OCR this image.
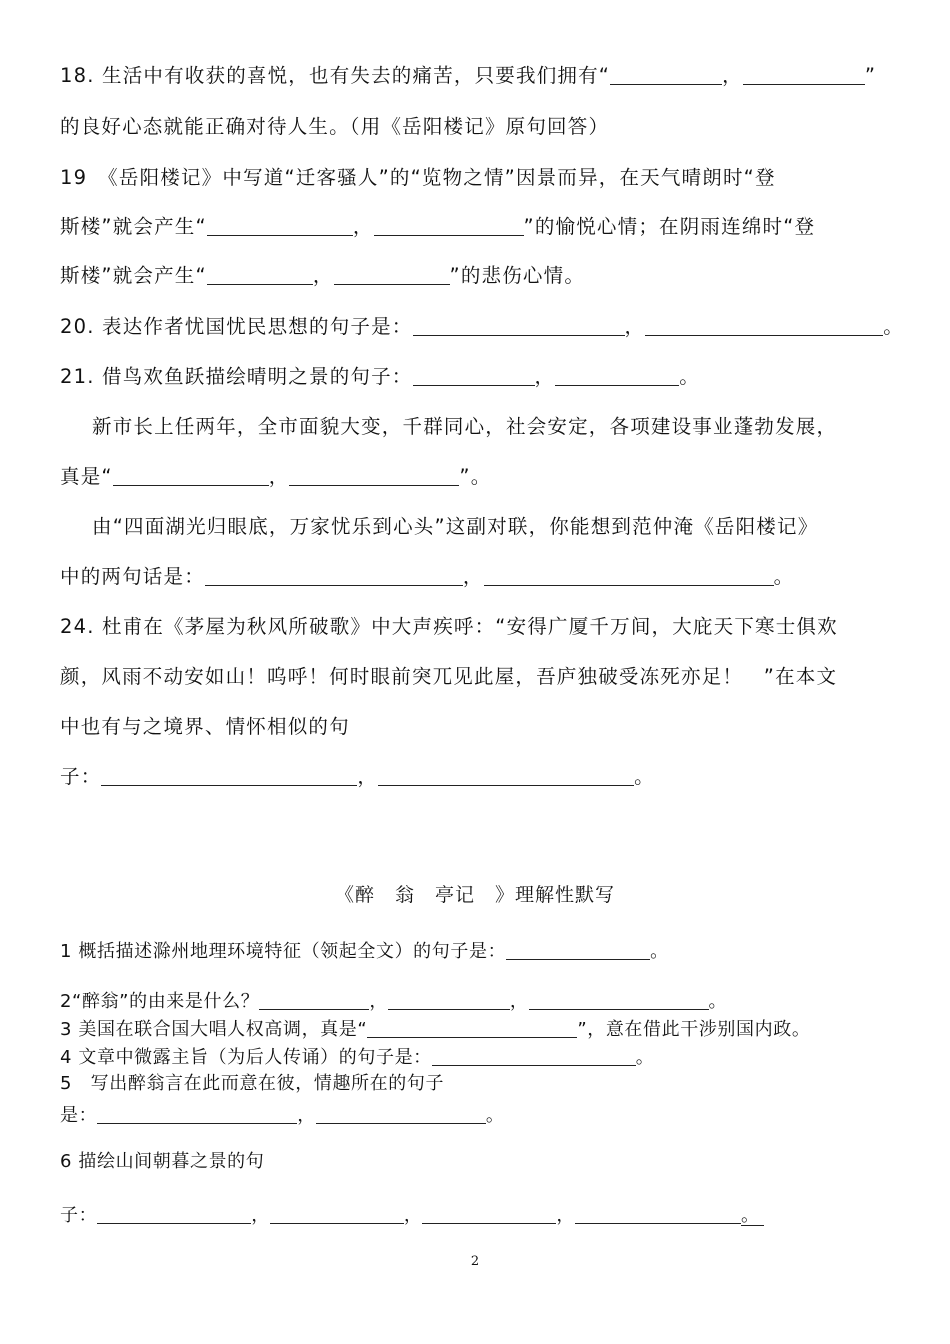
18. 生活中有收获的喜悦，也有失去的痛苦，只要我们拥有“	，	”
的良好心态就能正确对待人生。（用《岳阳楼记》原句回答）
19　《岳阳楼记》中写道“迁客骚人”的“览物之情”因景而异，在天气晴朗时“登
斯楼”就会产生“	，	”的愉悦心情；在阴雨连绵时“登
斯楼”就会产生“	，	”的悲伤心情。
20. 表达作者忧国忧民思想的句子是：	，	。
21. 借鸟欢鱼跃描绘晴明之景的句子：	，	。
新市长上任两年，全市面貌大变，千群同心，社会安定，各项建设事业蓬勃发展，
真是“	，	”。
由“四面湖光归眼底，万家忧乐到心头”这副对联，你能想到范仲淹《岳阳楼记》
中的两句话是：	，	。
24. 杜甫在《茅屋为秋风所破歌》中大声疾呼：“安得广厦千万间，大庇天下寒士俱欢
颜，风雨不动安如山！呜呼！何时眼前突兀见此屋，吾庐独破受冻死亦足！　”在本文
中也有与之境界、情怀相似的句
子：	，	。
《醉　翁　亭记　》理解性默写
1 概括描述滁州地理环境特征（领起全文）的句子是：	。
2“醉翁”的由来是什么？	，	，	。
3 美国在联合国大唱人权高调，真是“	”，意在借此干涉别国内政。
4 文章中微露主旨（为后人传诵）的句子是：	。
5　写出醉翁言在此而意在彼，情趣所在的句子
是：	，	。
6 描绘山间朝暮之景的句
子：	，	，	，	。
2
